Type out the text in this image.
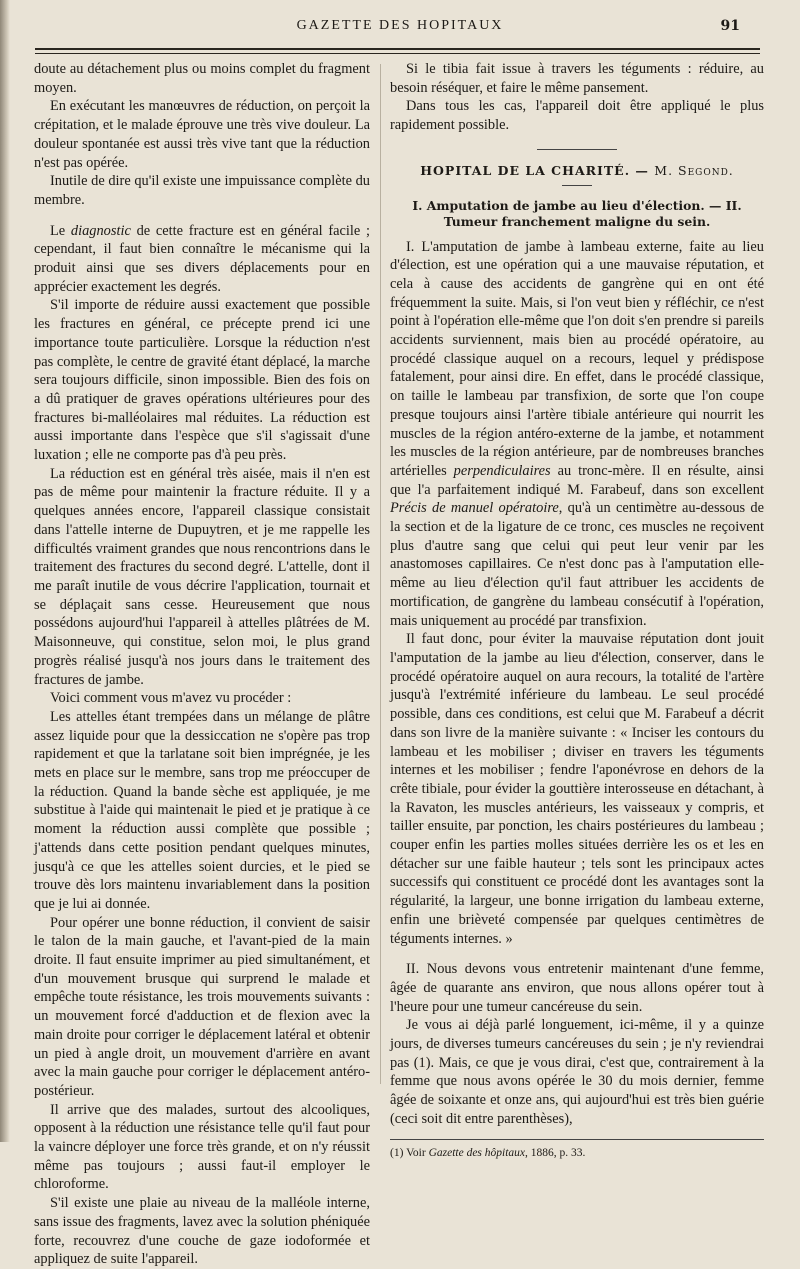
GAZETTE DES HOPITAUX	91

doute au détachement plus ou moins complet du fragment moyen.

En exécutant les manœuvres de réduction, on perçoit la crépitation, et le malade éprouve une très vive douleur. La douleur spontanée est aussi très vive tant que la réduction n'est pas opérée.

Inutile de dire qu'il existe une impuissance complète du membre.

Le diagnostic de cette fracture est en général facile ; cependant, il faut bien connaître le mécanisme qui la produit ainsi que ses divers déplacements pour en apprécier exactement les degrés.

S'il importe de réduire aussi exactement que possible les fractures en général, ce précepte prend ici une importance toute particulière. Lorsque la réduction n'est pas complète, le centre de gravité étant déplacé, la marche sera toujours difficile, sinon impossible. Bien des fois on a dû pratiquer de graves opérations ultérieures pour des fractures bi-malléolaires mal réduites. La réduction est aussi importante dans l'espèce que s'il s'agissait d'une luxation ; elle ne comporte pas d'à peu près.

La réduction est en général très aisée, mais il n'en est pas de même pour maintenir la fracture réduite. Il y a quelques années encore, l'appareil classique consistait dans l'attelle interne de Dupuytren, et je me rappelle les difficultés vraiment grandes que nous rencontrions dans le traitement des fractures du second degré. L'attelle, dont il me paraît inutile de vous décrire l'application, tournait et se déplaçait sans cesse. Heureusement que nous possédons aujourd'hui l'appareil à attelles plâtrées de M. Maisonneuve, qui constitue, selon moi, le plus grand progrès réalisé jusqu'à nos jours dans le traitement des fractures de jambe.

Voici comment vous m'avez vu procéder :

Les attelles étant trempées dans un mélange de plâtre assez liquide pour que la dessiccation ne s'opère pas trop rapidement et que la tarlatane soit bien imprégnée, je les mets en place sur le membre, sans trop me préoccuper de la réduction. Quand la bande sèche est appliquée, je me substitue à l'aide qui maintenait le pied et je pratique à ce moment la réduction aussi complète que possible ; j'attends dans cette position pendant quelques minutes, jusqu'à ce que les attelles soient durcies, et le pied se trouve dès lors maintenu invariablement dans la position que je lui ai donnée.

Pour opérer une bonne réduction, il convient de saisir le talon de la main gauche, et l'avant-pied de la main droite. Il faut ensuite imprimer au pied simultanément, et d'un mouvement brusque qui surprend le malade et empêche toute résistance, les trois mouvements suivants : un mouvement forcé d'adduction et de flexion avec la main droite pour corriger le déplacement latéral et obtenir un pied à angle droit, un mouvement d'arrière en avant avec la main gauche pour corriger le déplacement antéro-postérieur.

Il arrive que des malades, surtout des alcooliques, opposent à la réduction une résistance telle qu'il faut pour la vaincre déployer une force très grande, et on n'y réussit même pas toujours ; aussi faut-il employer le chloroforme.

S'il existe une plaie au niveau de la malléole interne, sans issue des fragments, lavez avec la solution phéniquée forte, recouvrez d'une couche de gaze iodoformée et appliquez de suite l'appareil.

Si le tibia fait issue à travers les téguments : réduire, au besoin réséquer, et faire le même pansement.

Dans tous les cas, l'appareil doit être appliqué le plus rapidement possible.

HOPITAL DE LA CHARITÉ. — M. Segond.
I. Amputation de jambe au lieu d'élection. — II. Tumeur franchement maligne du sein.

I. L'amputation de jambe à lambeau externe, faite au lieu d'élection, est une opération qui a une mauvaise réputation, et cela à cause des accidents de gangrène qui en ont été fréquemment la suite. Mais, si l'on veut bien y réfléchir, ce n'est point à l'opération elle-même que l'on doit s'en prendre si pareils accidents surviennent, mais bien au procédé opératoire, au procédé classique auquel on a recours, lequel y prédispose fatalement, pour ainsi dire. En effet, dans le procédé classique, on taille le lambeau par transfixion, de sorte que l'on coupe presque toujours ainsi l'artère tibiale antérieure qui nourrit les muscles de la région antéro-externe de la jambe, et notamment les muscles de la région antérieure, par de nombreuses branches artérielles perpendiculaires au tronc-mère. Il en résulte, ainsi que l'a parfaitement indiqué M. Farabeuf, dans son excellent Précis de manuel opératoire, qu'à un centimètre au-dessous de la section et de la ligature de ce tronc, ces muscles ne reçoivent plus d'autre sang que celui qui peut leur venir par les anastomoses capillaires. Ce n'est donc pas à l'amputation elle-même au lieu d'élection qu'il faut attribuer les accidents de mortification, de gangrène du lambeau consécutif à l'opération, mais uniquement au procédé par transfixion.

Il faut donc, pour éviter la mauvaise réputation dont jouit l'amputation de la jambe au lieu d'élection, conserver, dans le procédé opératoire auquel on aura recours, la totalité de l'artère jusqu'à l'extrémité inférieure du lambeau. Le seul procédé possible, dans ces conditions, est celui que M. Farabeuf a décrit dans son livre de la manière suivante : « Inciser les contours du lambeau et les mobiliser ; diviser en travers les téguments internes et les mobiliser ; fendre l'aponévrose en dehors de la crête tibiale, pour évider la gouttière interosseuse en détachant, à la Ravaton, les muscles antérieurs, les vaisseaux y compris, et tailler ensuite, par ponction, les chairs postérieures du lambeau ; couper enfin les parties molles situées derrière les os et les en détacher sur une faible hauteur ; tels sont les principaux actes successifs qui constituent ce procédé dont les avantages sont la régularité, la largeur, une bonne irrigation du lambeau externe, enfin une brièveté compensée par quelques centimètres de téguments internes. »

II. Nous devons vous entretenir maintenant d'une femme, âgée de quarante ans environ, que nous allons opérer tout à l'heure pour une tumeur cancéreuse du sein.

Je vous ai déjà parlé longuement, ici-même, il y a quinze jours, de diverses tumeurs cancéreuses du sein ; je n'y reviendrai pas (1). Mais, ce que je vous dirai, c'est que, contrairement à la femme que nous avons opérée le 30 du mois dernier, femme âgée de soixante et onze ans, qui aujourd'hui est très bien guérie (ceci soit dit entre parenthèses),

(1) Voir Gazette des hôpitaux, 1886, p. 33.
